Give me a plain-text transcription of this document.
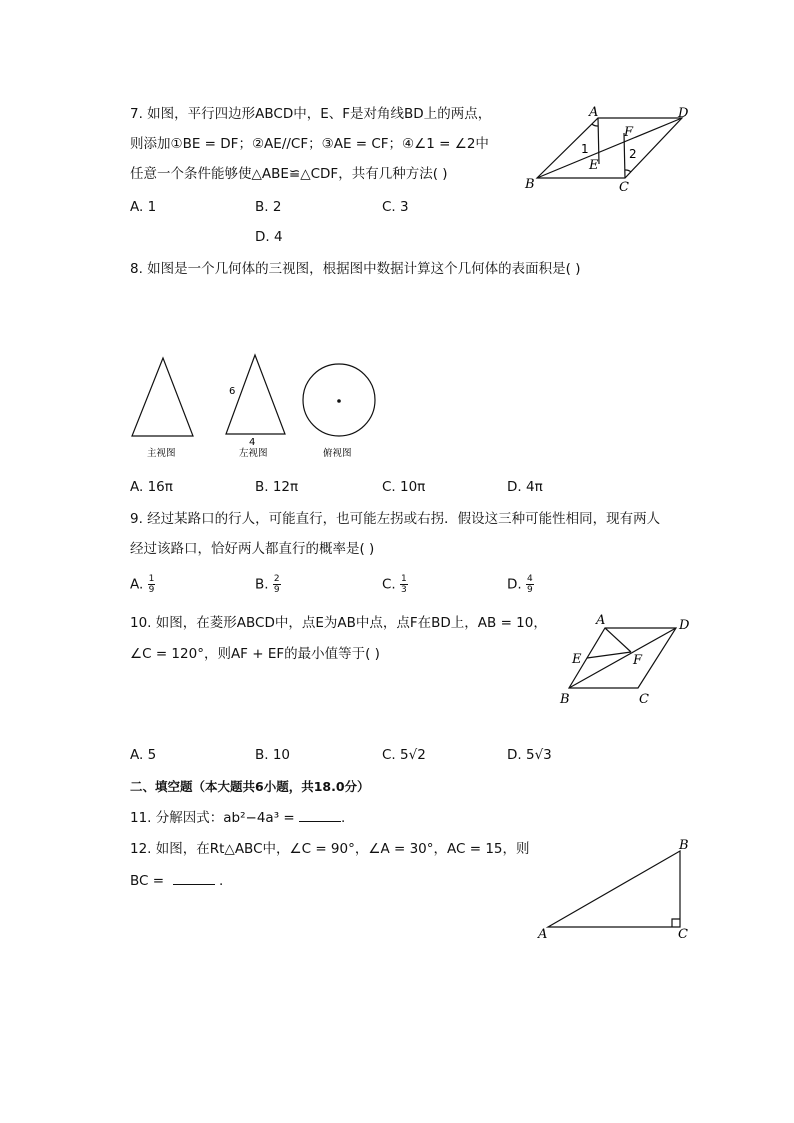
7. 如图，平行四边形ABCD中，E、F是对角线BD上的两点，
则添加①BE = DF；②AE//CF；③AE = CF；④∠1 = ∠2中
任意一个条件能够使△ABE≌△CDF，共有几种方法( )
A. 1	B. 2	C. 3
D. 4
A	D
B	C
E
F
1	2
8. 如图是一个几何体的三视图，根据图中数据计算这个几何体的表面积是( )
6
4
主视图	左视图	俯视图
A. 16π	B. 12π	C. 10π	D. 4π
9. 经过某路口的行人，可能直行，也可能左拐或右拐．假设这三种可能性相同，现有两人
经过该路口，恰好两人都直行的概率是( )
A. $\frac{1}{9}$	B. $\frac{2}{9}$	C. $\frac{1}{3}$	D. $\frac{4}{9}$
10. 如图，在菱形ABCD中，点E为AB中点，点F在BD上，AB = 10，
∠C = 120°，则AF + EF的最小值等于( )
A	D
E	F
B	C
A. 5	B. 10	C. 5√2	D. 5√3
二、填空题（本大题共6小题，共18.0分）
11. 分解因式：ab²−4a³ =	.
12. 如图，在Rt△ABC中，∠C = 90°，∠A = 30°，AC = 15，则
BC =	.
A
B
C
